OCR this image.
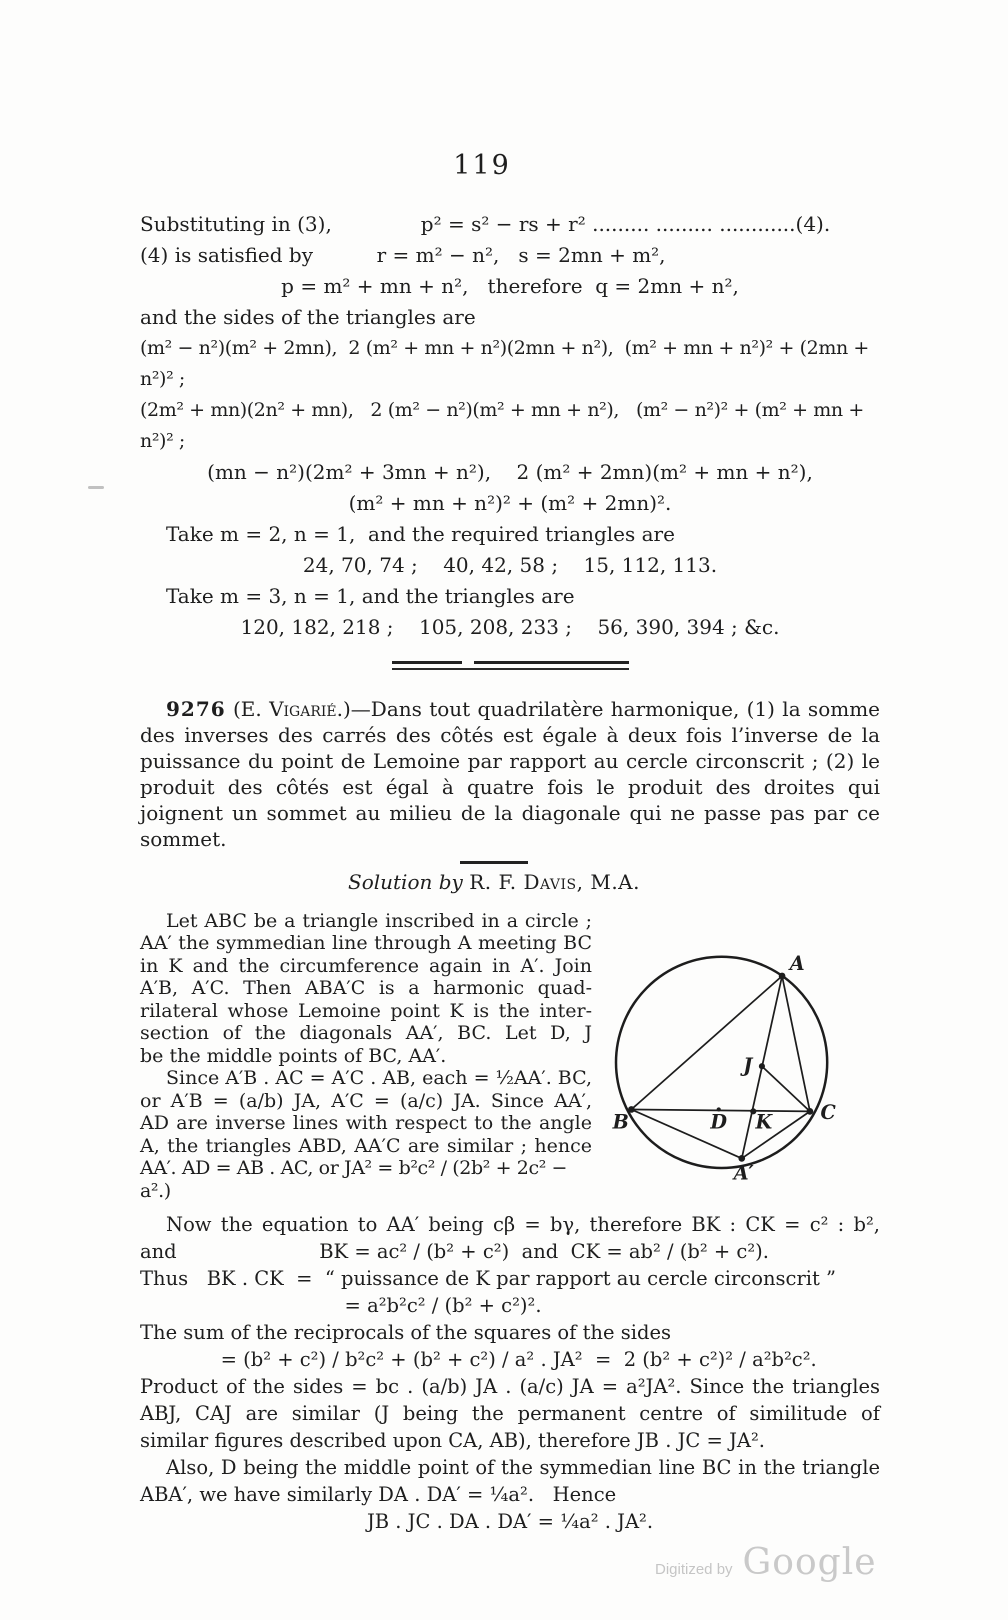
119
Substituting in (3),              p² = s² − rs + r² ......... ......... ............(4).
(4) is satisfied by          r = m² − n²,   s = 2mn + m²,
p = m² + mn + n²,   therefore  q = 2mn + n²,
and the sides of the triangles are
(m² − n²)(m² + 2mn),  2 (m² + mn + n²)(2mn + n²),  (m² + mn + n²)² + (2mn + n²)² ;
(2m² + mn)(2n² + mn),   2 (m² − n²)(m² + mn + n²),   (m² − n²)² + (m² + mn + n²)² ;
(mn − n²)(2m² + 3mn + n²),    2 (m² + 2mn)(m² + mn + n²),
(m² + mn + n²)² + (m² + 2mn)².
Take m = 2, n = 1,  and the required triangles are
24, 70, 74 ;    40, 42, 58 ;    15, 112, 113.
Take m = 3, n = 1, and the triangles are
120, 182, 218 ;    105, 208, 233 ;    56, 390, 394 ; &c.

9276 (E. Vigarié.)—Dans tout quadrilatère harmonique, (1) la somme des inverses des carrés des côtés est égale à deux fois l’inverse de la puissance du point de Lemoine par rapport au cercle circonscrit ; (2) le produit des côtés est égal à quatre fois le produit des droites qui joignent un sommet au milieu de la diagonale qui ne passe pas par ce sommet.

Solution by R. F. Davis, M.A.
Let ABC be a triangle inscribed in a circle ;
AA′ the symmedian line through A meeting BC
in K and the circumference again in A′. Join
A′B, A′C. Then ABA′C is a harmonic quad-
rilateral whose Lemoine point K is the inter-
section of the diagonals AA′, BC. Let D, J
be the middle points of BC, AA′.
Since A′B . AC = A′C . AB, each = ½AA′. BC,
or A′B = (a/b) JA, A′C = (a/c) JA. Since AA′,
AD are inverse lines with respect to the angle
A, the triangles ABD, AA′C are similar ; hence
AA′. AD = AB . AC, or JA² = b²c² / (2b² + 2c² − a².)
A
B	C
A′
D K
J
Now the equation to AA′ being cβ = bγ, therefore BK : CK = c² : b²,
and                       BK = ac² / (b² + c²)  and  CK = ab² / (b² + c²).
Thus   BK . CK  =  “ puissance de K par rapport au cercle circonscrit ”
= a²b²c² / (b² + c²)².
The sum of the reciprocals of the squares of the sides
= (b² + c²) / b²c² + (b² + c²) / a² . JA²  =  2 (b² + c²)² / a²b²c².
Product of the sides = bc . (a/b) JA . (a/c) JA = a²JA². Since the triangles
ABJ, CAJ are similar (J being the permanent centre of similitude of
similar figures described upon CA, AB), therefore JB . JC = JA².
Also, D being the middle point of the symmedian line BC in the triangle
ABA′, we have similarly DA . DA′ = ¼a².   Hence
JB . JC . DA . DA′ = ¼a² . JA².
Digitized by Google
